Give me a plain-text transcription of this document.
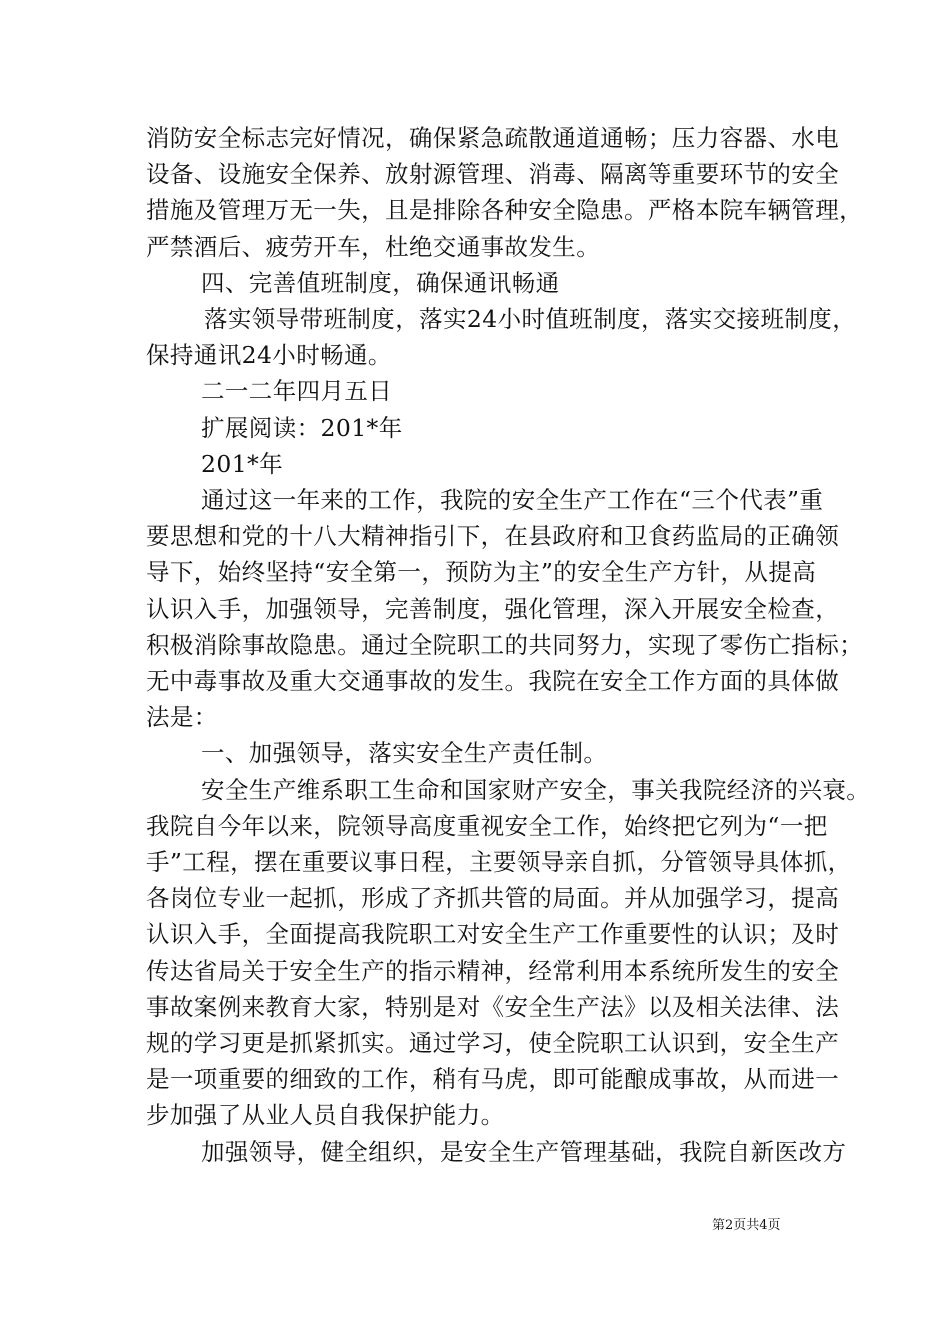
消防安全标志完好情况，确保紧急疏散通道通畅；压力容器、水电
设备、设施安全保养、放射源管理、消毒、隔离等重要环节的安全
措施及管理万无一失，且是排除各种安全隐患。严格本院车辆管理，
严禁酒后、疲劳开车，杜绝交通事故发生。
四、完善值班制度，确保通讯畅通
落实领导带班制度，落实24小时值班制度，落实交接班制度，
保持通讯24小时畅通。
二一二年四月五日
扩展阅读：201*年
201*年
通过这一年来的工作，我院的安全生产工作在“三个代表”重
要思想和党的十八大精神指引下，在县政府和卫食药监局的正确领
导下，始终坚持“安全第一，预防为主”的安全生产方针，从提高
认识入手，加强领导，完善制度，强化管理，深入开展安全检查，
积极消除事故隐患。通过全院职工的共同努力，实现了零伤亡指标；
无中毒事故及重大交通事故的发生。我院在安全工作方面的具体做
法是：
一、加强领导，落实安全生产责任制。
安全生产维系职工生命和国家财产安全，事关我院经济的兴衰。
我院自今年以来，院领导高度重视安全工作，始终把它列为“一把
手”工程，摆在重要议事日程，主要领导亲自抓，分管领导具体抓，
各岗位专业一起抓，形成了齐抓共管的局面。并从加强学习，提高
认识入手，全面提高我院职工对安全生产工作重要性的认识；及时
传达省局关于安全生产的指示精神，经常利用本系统所发生的安全
事故案例来教育大家，特别是对《安全生产法》以及相关法律、法
规的学习更是抓紧抓实。通过学习，使全院职工认识到，安全生产
是一项重要的细致的工作，稍有马虎，即可能酿成事故，从而进一
步加强了从业人员自我保护能力。
加强领导，健全组织，是安全生产管理基础，我院自新医改方
第2页共4页
